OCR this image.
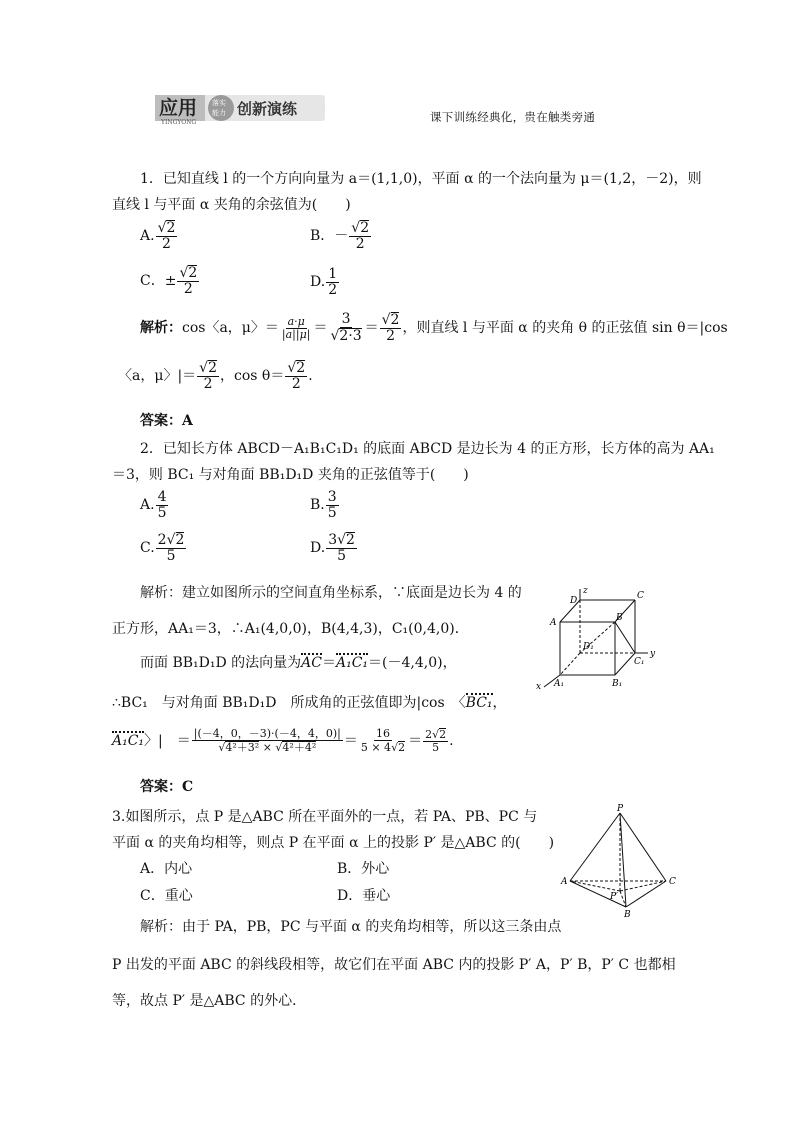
应用
YINGYONG
落实
能力 创新演练	课下训练经典化，贵在触类旁通
1．已知直线 l 的一个方向向量为 a＝(1,1,0)，平面 α 的一个法向量为 μ＝(1,2，－2)，则
直线 l 与平面 α 夹角的余弦值为(　　)
A. $\frac{√2}{2}$	B．－ $\frac{√2}{2}$
C．± $\frac{√2}{2}$	D. $\frac{1}{2}$
解析：cos〈a，μ〉＝ $\frac{a\cdot\mu}{|a||\mu|} = \frac{3}{√2\cdot 3} = \frac{√2}{2}$ ，则直线 l 与平面 α 的夹角 θ 的正弦值 sin θ＝|cos
〈a，μ〉|＝ $\frac{√2}{2}$ ，$\cos \theta= \frac{√2}{2}$ .
答案：A
2．已知长方体 ABCD－A₁B₁C₁D₁ 的底面 ABCD 是边长为 4 的正方形，长方体的高为 AA₁
＝3，则 BC₁ 与对角面 BB₁D₁D 夹角的正弦值等于(　　)
A. $\frac{4}{5}$	B. $\frac{3}{5}$
C. $\frac{2√2}{5}$	D. $\frac{3√2}{5}$
解析：建立如图所示的空间直角坐标系，∵底面是边长为 4 的
正方形，AA₁＝3，∴A₁(4,0,0)，B(4,4,3)，C₁(0,4,0)．
而面 BB₁D₁D 的法向量为AC＝A₁C₁＝(－4,4,0)，
∴BC₁　与对角面 BB₁D₁D　所成角的正弦值即为|cos　〈BC₁，
A₁C₁〉|　＝ $\frac{|(-4,0,-3)\cdot(-4,4,0)|}{\text{√4²＋3² × √4²＋4²}} = \frac{16}{5 \times 4√2} = \frac{2√2}{5}$ .
答案：C
z
D	C
A	B
D₁
C₁
y
x A₁	B₁
3.如图所示，点 P 是△ABC 所在平面外的一点，若 PA、PB、PC 与
平面 α 的夹角均相等，则点 P 在平面 α 上的投影 P′ 是△ABC 的(　　)
A．内心	B．外心
C．重心	D．垂心
解析：由于 PA，PB，PC 与平面 α 的夹角均相等，所以这三条由点
P 出发的平面 ABC 的斜线段相等，故它们在平面 ABC 内的投影 P′ A，P′ B，P′ C 也都相
等，故点 P′ 是△ABC 的外心．
P
A	C
P′
B
